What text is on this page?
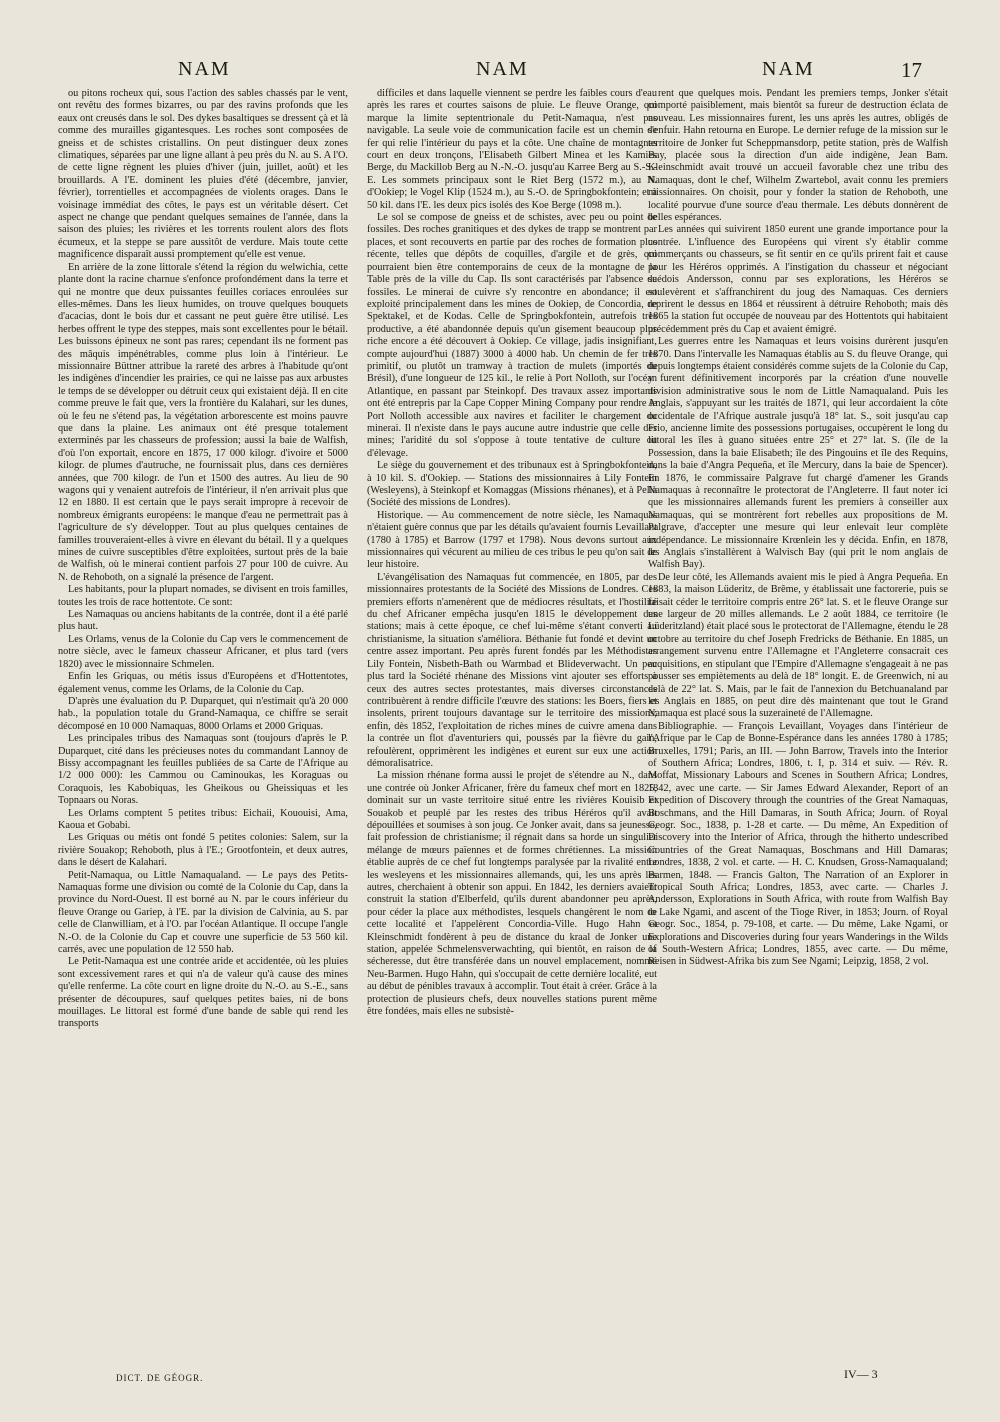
NAM	NAM	NAM	17

ou pitons rocheux qui, sous l'action des sables chassés par le vent, ont revêtu des formes bizarres, ou par des ravins profonds que les eaux ont creusés dans le sol. Des dykes basaltiques se dressent çà et là comme des murailles gigantesques. Les roches sont composées de gneiss et de schistes cristallins. On peut distinguer deux zones climatiques, séparées par une ligne allant à peu près du N. au S. A l'O. de cette ligne règnent les pluies d'hiver (juin, juillet, août) et les brouillards. A l'E. dominent les pluies d'été (décembre, janvier, février), torrentielles et accompagnées de violents orages. Dans le voisinage immédiat des côtes, le pays est un véritable désert. Cet aspect ne change que pendant quelques semaines de l'année, dans la saison des pluies; les rivières et les torrents roulent alors des flots écumeux, et la steppe se pare aussitôt de verdure. Mais toute cette magnificence disparaît aussi promptement qu'elle est venue.

En arrière de la zone littorale s'étend la région du welwichia, cette plante dont la racine charnue s'enfonce profondément dans la terre et qui ne montre que deux puissantes feuilles coriaces enroulées sur elles-mêmes. Dans les lieux humides, on trouve quelques bouquets d'acacias, dont le bois dur et cassant ne peut guère être utilisé. Les herbes offrent le type des steppes, mais sont excellentes pour le bétail. Les buissons épineux ne sont pas rares; cependant ils ne forment pas des mâquis impénétrables, comme plus loin à l'intérieur. Le missionnaire Büttner attribue la rareté des arbres à l'habitude qu'ont les indigènes d'incendier les prairies, ce qui ne laisse pas aux arbustes le temps de se développer ou détruit ceux qui existaient déjà. Il en cite comme preuve le fait que, vers la frontière du Kalahari, sur les dunes, où le feu ne s'étend pas, la végétation arborescente est moins pauvre que dans la plaine. Les animaux ont été presque totalement exterminés par les chasseurs de profession; aussi la baie de Walfish, d'où l'on exportait, encore en 1875, 17 000 kilogr. d'ivoire et 5000 kilogr. de plumes d'autruche, ne fournissait plus, dans ces dernières années, que 700 kilogr. de l'un et 1500 des autres. Au lieu de 90 wagons qui y venaient autrefois de l'intérieur, il n'en arrivait plus que 12 en 1880. Il est certain que le pays serait impropre à recevoir de nombreux émigrants européens: le manque d'eau ne permettrait pas à l'agriculture de s'y développer. Tout au plus quelques centaines de familles trouveraient-elles à vivre en élevant du bétail. Il y a quelques mines de cuivre susceptibles d'être exploitées, surtout près de la baie de Walfish, où le minerai contient parfois 27 pour 100 de cuivre. Au N. de Rehoboth, on a signalé la présence de l'argent.

Les habitants, pour la plupart nomades, se divisent en trois familles, toutes les trois de race hottentote. Ce sont:

Les Namaquas ou anciens habitants de la contrée, dont il a été parlé plus haut.

Les Orlams, venus de la Colonie du Cap vers le commencement de notre siècle, avec le fameux chasseur Africaner, et plus tard (vers 1820) avec le missionnaire Schmelen.

Enfin les Griquas, ou métis issus d'Européens et d'Hottentotes, également venus, comme les Orlams, de la Colonie du Cap.

D'après une évaluation du P. Duparquet, qui n'estimait qu'à 20 000 hab., la population totale du Grand-Namaqua, ce chiffre se serait décomposé en 10 000 Namaquas, 8000 Orlams et 2000 Griquas.

Les principales tribus des Namaquas sont (toujours d'après le P. Duparquet, cité dans les précieuses notes du commandant Lannoy de Bissy accompagnant les feuilles publiées de sa Carte de l'Afrique au 1/2 000 000): les Cammou ou Caminoukas, les Koraguas ou Coraquois, les Kabobiquas, les Gheikous ou Gheissiquas et les Topnaars ou Noras.

Les Orlams comptent 5 petites tribus: Eichaii, Kououisi, Ama, Kaoua et Gobabi.

Les Griquas ou métis ont fondé 5 petites colonies: Salem, sur la rivière Souakop; Rehoboth, plus à l'E.; Grootfontein, et deux autres, dans le désert de Kalahari.

Petit-Namaqua, ou Little Namaqualand. — Le pays des Petits-Namaquas forme une division ou comté de la Colonie du Cap, dans la province du Nord-Ouest. Il est borné au N. par le cours inférieur du fleuve Orange ou Gariep, à l'E. par la division de Calvinia, au S. par celle de Clanwilliam, et à l'O. par l'océan Atlantique. Il occupe l'angle N.-O. de la Colonie du Cap et couvre une superficie de 53 560 kil. carrés, avec une population de 12 550 hab.

Le Petit-Namaqua est une contrée aride et accidentée, où les pluies sont excessivement rares et qui n'a de valeur qu'à cause des mines qu'elle renferme. La côte court en ligne droite du N.-O. au S.-E., sans présenter de découpures, sauf quelques petites baies, ni de bons mouillages. Le littoral est formé d'une bande de sable qui rend les transports

difficiles et dans laquelle viennent se perdre les faibles cours d'eau après les rares et courtes saisons de pluie. Le fleuve Orange, qui marque la limite septentrionale du Petit-Namaqua, n'est pas navigable. La seule voie de communication facile est un chemin de fer qui relie l'intérieur du pays et la côte. Une chaîne de montagnes court en deux tronçons, l'Elisabeth Gilbert Minea et les Kamies Berge, du Mackillob Berg au N.-N.-O. jusqu'au Karree Berg au S.-S.-E. Les sommets principaux sont le Riet Berg (1572 m.), au N. d'Ookiep; le Vogel Klip (1524 m.), au S.-O. de Springbokfontein; et à 50 kil. dans l'E. les deux pics isolés des Koe Berge (1098 m.).

Le sol se compose de gneiss et de schistes, avec peu ou point de fossiles. Des roches granitiques et des dykes de trapp se montrent par places, et sont recouverts en partie par des roches de formation plus récente, telles que dépôts de coquilles, d'argile et de grès, qui pourraient bien être contemporains de ceux de la montagne de la Table près de la ville du Cap. Ils sont caractérisés par l'absence de fossiles. Le minerai de cuivre s'y rencontre en abondance; il est exploité principalement dans les mines de Ookiep, de Concordia, de Spektakel, et de Kodas. Celle de Springbokfontein, autrefois très productive, a été abandonnée depuis qu'un gisement beaucoup plus riche encore a été découvert à Ookiep. Ce village, jadis insignifiant, compte aujourd'hui (1887) 3000 à 4000 hab. Un chemin de fer très primitif, ou plutôt un tramway à traction de mulets (importés du Brésil), d'une longueur de 125 kil., le relie à Port Nolloth, sur l'océan Atlantique, en passant par Steinkopf. Des travaux assez importants ont été entrepris par la Cape Copper Mining Company pour rendre le Port Nolloth accessible aux navires et faciliter le chargement du minerai. Il n'existe dans le pays aucune autre industrie que celle des mines; l'aridité du sol s'oppose à toute tentative de culture ou d'élevage.

Le siège du gouvernement et des tribunaux est à Springbokfontein, à 10 kil. S. d'Ookiep. — Stations des missionnaires à Lily Fontein (Wesleyens), à Steinkopf et Komaggas (Missions rhénanes), et à Pella (Société des missions de Londres).

Historique. — Au commencement de notre siècle, les Namaquas n'étaient guère connus que par les détails qu'avaient fournis Levaillant (1780 à 1785) et Barrow (1797 et 1798). Nous devons surtout aux missionnaires qui vécurent au milieu de ces tribus le peu qu'on sait de leur histoire.

L'évangélisation des Namaquas fut commencée, en 1805, par des missionnaires protestants de la Société des Missions de Londres. Ces premiers efforts n'amenèrent que de médiocres résultats, et l'hostilité du chef Africaner empêcha jusqu'en 1815 le développement des stations; mais à cette époque, ce chef lui-même s'étant converti au christianisme, la situation s'améliora. Béthanie fut fondé et devint un centre assez important. Peu après furent fondés par les Méthodistes Lily Fontein, Nisbeth-Bath ou Warmbad et Blideverwacht. Un peu plus tard la Société rhénane des Missions vint ajouter ses efforts à ceux des autres sectes protestantes, mais diverses circonstances contribuèrent à rendre difficile l'œuvre des stations: les Boers, fiers et insolents, prirent toujours davantage sur le territoire des missions; enfin, dès 1852, l'exploitation de riches mines de cuivre amena dans la contrée un flot d'aventuriers qui, poussés par la fièvre du gain, refoulèrent, opprimèrent les indigènes et eurent sur eux une action démoralisatrice.

La mission rhénane forma aussi le projet de s'étendre au N., dans une contrée où Jonker Africaner, frère du fameux chef mort en 1825, dominait sur un vaste territoire situé entre les rivières Kouisib et Souakob et peuplé par les restes des tribus Héréros qu'il avait dépouillées et soumises à son joug. Ce Jonker avait, dans sa jeunesse, fait profession de christianisme; il régnait dans sa horde un singulier mélange de mœurs païennes et de formes chrétiennes. La mission établie auprès de ce chef fut longtemps paralysée par la rivalité entre les wesleyens et les missionnaires allemands, qui, les uns après les autres, cherchaient à obtenir son appui. En 1842, les derniers avaient construit la station d'Elberfeld, qu'ils durent abandonner peu après, pour céder la place aux méthodistes, lesquels changèrent le nom de cette localité et l'appelèrent Concordia-Ville. Hugo Hahn et Kleinschmidt fondèrent à peu de distance du kraal de Jonker une station, appelée Schmelensverwachting, qui bientôt, en raison de la sécheresse, dut être transférée dans un nouvel emplacement, nommé Neu-Barmen. Hugo Hahn, qui s'occupait de cette dernière localité, eut au début de pénibles travaux à accomplir. Tout était à créer. Grâce à la protection de plusieurs chefs, deux nouvelles stations purent même être fondées, mais elles ne subsistè-

rent que quelques mois. Pendant les premiers temps, Jonker s'était comporté paisiblement, mais bientôt sa fureur de destruction éclata de nouveau. Les missionnaires furent, les uns après les autres, obligés de s'enfuir. Hahn retourna en Europe. Le dernier refuge de la mission sur le territoire de Jonker fut Scheppmansdorp, petite station, près de Walfish Bay, placée sous la direction d'un aide indigène, Jean Bam. Kleinschmidt avait trouvé un accueil favorable chez une tribu des Namaquas, dont le chef, Wilhelm Zwartebol, avait connu les premiers missionnaires. On choisit, pour y fonder la station de Rehoboth, une localité pourvue d'une source d'eau thermale. Les débuts donnèrent de belles espérances.

Les années qui suivirent 1850 eurent une grande importance pour la contrée. L'influence des Européens qui virent s'y établir comme commerçants ou chasseurs, se fit sentir en ce qu'ils prirent fait et cause pour les Héréros opprimés. A l'instigation du chasseur et négociant suédois Andersson, connu par ses explorations, les Héréros se soulevèrent et s'affranchirent du joug des Namaquas. Ces derniers reprirent le dessus en 1864 et réussirent à détruire Rehoboth; mais dès 1865 la station fut occupée de nouveau par des Hottentots qui habitaient précédemment près du Cap et avaient émigré.

Les guerres entre les Namaquas et leurs voisins durèrent jusqu'en 1870. Dans l'intervalle les Namaquas établis au S. du fleuve Orange, qui depuis longtemps étaient considérés comme sujets de la Colonie du Cap, y furent définitivement incorporés par la création d'une nouvelle division administrative sous le nom de Little Namaqualand. Puis les Anglais, s'appuyant sur les traités de 1871, qui leur accordaient la côte occidentale de l'Afrique australe jusqu'à 18° lat. S., soit jusqu'au cap Frio, ancienne limite des possessions portugaises, occupèrent le long du littoral les îles à guano situées entre 25° et 27° lat. S. (île de la Possession, dans la baie Elisabeth; île des Pingouins et île des Requins, dans la baie d'Angra Pequeña, et île Mercury, dans la baie de Spencer). En 1876, le commissaire Palgrave fut chargé d'amener les Grands Namaquas à reconnaître le protectorat de l'Angleterre. Il faut noter ici que les missionnaires allemands furent les premiers à conseiller aux Namaquas, qui se montrèrent fort rebelles aux propositions de M. Palgrave, d'accepter une mesure qui leur enlevait leur complète indépendance. Le missionnaire Krœnlein les y décida. Enfin, en 1878, les Anglais s'installèrent à Walvisch Bay (qui prit le nom anglais de Walfish Bay).

De leur côté, les Allemands avaient mis le pied à Angra Pequeña. En 1883, la maison Lüderitz, de Brême, y établissait une factorerie, puis se faisait céder le territoire compris entre 26° lat. S. et le fleuve Orange sur une largeur de 20 milles allemands. Le 2 août 1884, ce territoire (le Lüderitzland) était placé sous le protectorat de l'Allemagne, étendu le 28 octobre au territoire du chef Joseph Fredricks de Béthanie. En 1885, un arrangement survenu entre l'Allemagne et l'Angleterre consacrait ces acquisitions, en stipulant que l'Empire d'Allemagne s'engageait à ne pas pousser ses empiètements au delà de 18° longit. E. de Greenwich, ni au delà de 22° lat. S. Mais, par le fait de l'annexion du Betchuanaland par les Anglais en 1885, on peut dire dès maintenant que tout le Grand Namaqua est placé sous la suzeraineté de l'Allemagne.

Bibliographie. — François Levaillant, Voyages dans l'intérieur de l'Afrique par le Cap de Bonne-Espérance dans les années 1780 à 1785; Bruxelles, 1791; Paris, an III. — John Barrow, Travels into the Interior of Southern Africa; Londres, 1806, t. I, p. 314 et suiv. — Rév. R. Moffat, Missionary Labours and Scenes in Southern Africa; Londres, 1842, avec une carte. — Sir James Edward Alexander, Report of an Expedition of Discovery through the countries of the Great Namaquas, Boschmans, and the Hill Damaras, in South Africa; Journ. of Royal Geogr. Soc., 1838, p. 1-28 et carte. — Du même, An Expedition of Discovery into the Interior of Africa, through the hitherto undescribed Countries of the Great Namaquas, Boschmans and Hill Damaras; Londres, 1838, 2 vol. et carte. — H. C. Knudsen, Gross-Namaqualand; Barmen, 1848. — Francis Galton, The Narration of an Explorer in Tropical South Africa; Londres, 1853, avec carte. — Charles J. Andersson, Explorations in South Africa, with route from Walfish Bay to Lake Ngami, and ascent of the Tioge River, in 1853; Journ. of Royal Geogr. Soc., 1854, p. 79-108, et carte. — Du même, Lake Ngami, or Explorations and Discoveries during four years Wanderings in the Wilds of South-Western Africa; Londres, 1855, avec carte. — Du même, Reisen in Südwest-Afrika bis zum See Ngami; Leipzig, 1858, 2 vol.

DICT. DE GÉOGR.	IV— 3
